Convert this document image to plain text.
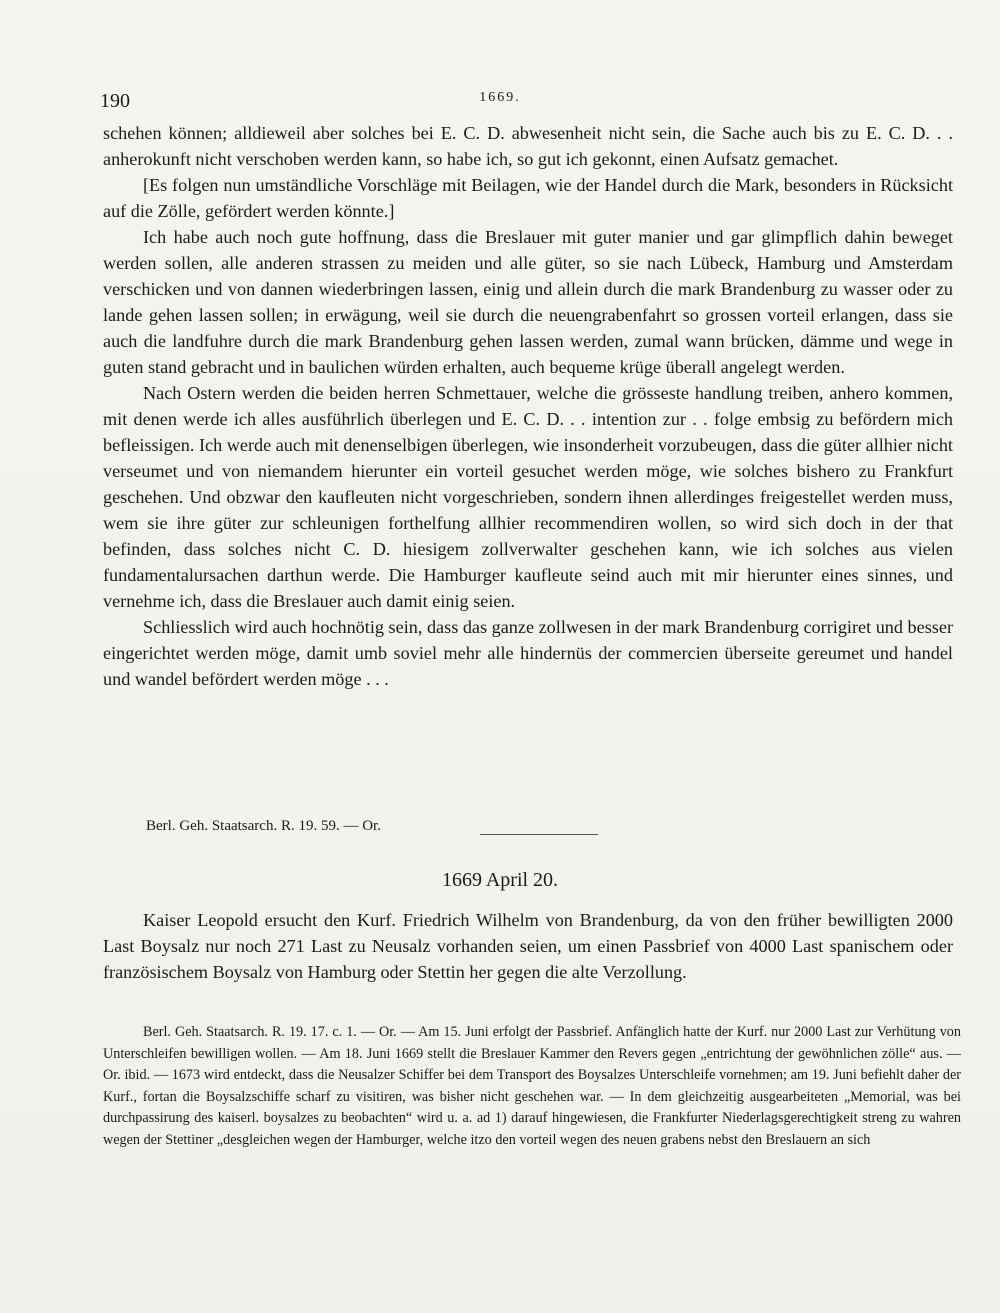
190	1669.

schehen können; alldieweil aber solches bei E. C. D. abwesenheit nicht sein, die Sache auch bis zu E. C. D. . . anherokunft nicht verschoben werden kann, so habe ich, so gut ich gekonnt, einen Aufsatz gemachet.

[Es folgen nun umständliche Vorschläge mit Beilagen, wie der Handel durch die Mark, besonders in Rücksicht auf die Zölle, gefördert werden könnte.]

Ich habe auch noch gute hoffnung, dass die Breslauer mit guter manier und gar glimpflich dahin beweget werden sollen, alle anderen strassen zu meiden und alle güter, so sie nach Lübeck, Hamburg und Amsterdam verschicken und von dannen wiederbringen lassen, einig und allein durch die mark Brandenburg zu wasser oder zu lande gehen lassen sollen; in erwägung, weil sie durch die neuengrabenfahrt so grossen vorteil erlangen, dass sie auch die landfuhre durch die mark Brandenburg gehen lassen werden, zumal wann brücken, dämme und wege in guten stand gebracht und in baulichen würden erhalten, auch bequeme krüge überall angelegt werden.

Nach Ostern werden die beiden herren Schmettauer, welche die grösseste handlung treiben, anhero kommen, mit denen werde ich alles ausführlich überlegen und E. C. D. . . intention zur . . folge embsig zu befördern mich befleissigen. Ich werde auch mit denenselbigen überlegen, wie insonderheit vorzubeugen, dass die güter allhier nicht verseumet und von niemandem hierunter ein vorteil gesuchet werden möge, wie solches bishero zu Frankfurt geschehen. Und obzwar den kaufleuten nicht vorgeschrieben, sondern ihnen allerdinges freigestellet werden muss, wem sie ihre güter zur schleunigen forthelfung allhier recommendiren wollen, so wird sich doch in der that befinden, dass solches nicht C. D. hiesigem zollverwalter geschehen kann, wie ich solches aus vielen fundamentalursachen darthun werde. Die Hamburger kaufleute seind auch mit mir hierunter eines sinnes, und vernehme ich, dass die Breslauer auch damit einig seien.

Schliesslich wird auch hochnötig sein, dass das ganze zollwesen in der mark Brandenburg corrigiret und besser eingerichtet werden möge, damit umb soviel mehr alle hindernüs der commercien überseite gereumet und handel und wandel befördert werden möge . . .

Berl. Geh. Staatsarch. R. 19. 59. — Or.
1669 April 20.

Kaiser Leopold ersucht den Kurf. Friedrich Wilhelm von Brandenburg, da von den früher bewilligten 2000 Last Boysalz nur noch 271 Last zu Neusalz vorhanden seien, um einen Passbrief von 4000 Last spanischem oder französischem Boysalz von Hamburg oder Stettin her gegen die alte Verzollung.

Berl. Geh. Staatsarch. R. 19. 17. c. 1. — Or. — Am 15. Juni erfolgt der Passbrief. Anfänglich hatte der Kurf. nur 2000 Last zur Verhütung von Unterschleifen bewilligen wollen. — Am 18. Juni 1669 stellt die Breslauer Kammer den Revers gegen „entrichtung der gewöhnlichen zölle“ aus. — Or. ibid. — 1673 wird entdeckt, dass die Neusalzer Schiffer bei dem Transport des Boysalzes Unterschleife vornehmen; am 19. Juni befiehlt daher der Kurf., fortan die Boysalzschiffe scharf zu visitiren, was bisher nicht geschehen war. — In dem gleichzeitig ausgearbeiteten „Memorial, was bei durchpassirung des kaiserl. boysalzes zu beobachten“ wird u. a. ad 1) darauf hingewiesen, die Frankfurter Niederlagsgerechtigkeit streng zu wahren wegen der Stettiner „desgleichen wegen der Hamburger, welche itzo den vorteil wegen des neuen grabens nebst den Breslauern an sich
